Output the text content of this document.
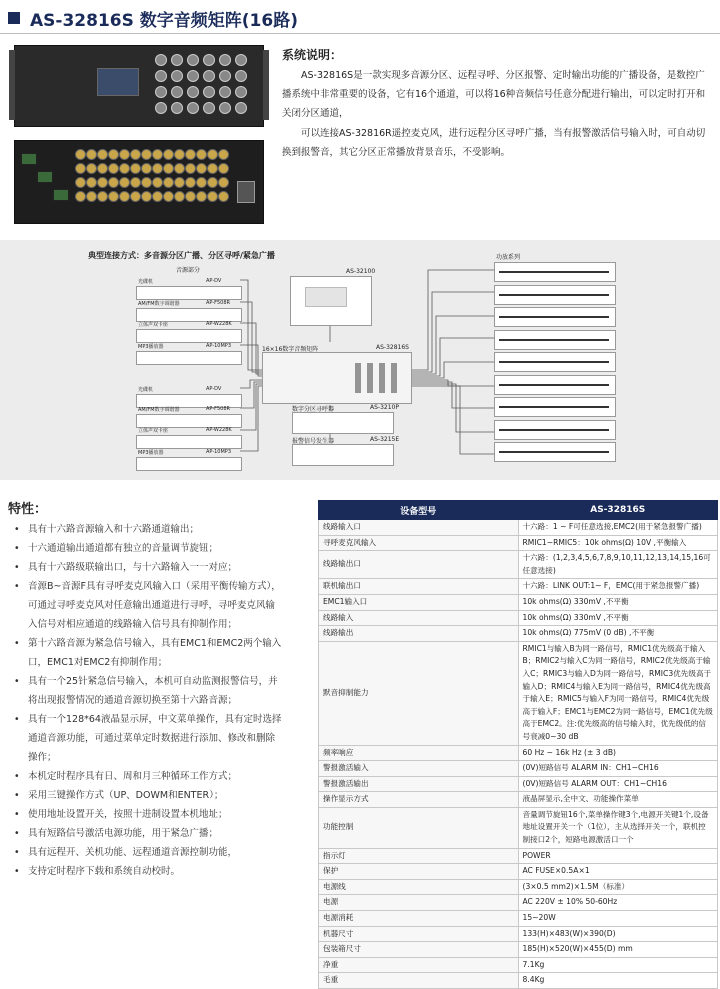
AS-32816S 数字音频矩阵(16路)
系统说明：
AS-32816S是一款实现多音源分区、远程寻呼、分区报警、定时输出功能的广播设备，是数控广播系统中非常重要的设备，它有16个通道，可以将16种音频信号任意分配进行输出，可以定时打开和关闭分区通道，
可以连接AS-32816R遥控麦克风，进行远程分区寻呼广播，当有报警激活信号输入时，可自动切换到报警音，其它分区正常播放背景音乐，不受影响。
典型连接方式：多音源分区广播、分区寻呼/紧急广播
音源部分
功放系列
光碟机	AP-DV
AM/FM数字调谐器	AP-F508R
立体声双卡座	AP-W228K
MP3播放器	AP-10MP3
光碟机	AP-DV
AM/FM数字调谐器	AP-F508R
立体声双卡座	AP-W228K
MP3播放器	AP-10MP3
AS-32100
16×16数字音频矩阵	AS-32816S
数字分区寻呼器	AS-3210P
报警信号发生器	AS-3215E
特性：
• 具有十六路音源输入和十六路通道输出；
• 十六通道输出通道都有独立的音量调节旋钮；
• 具有十六路级联输出口，与十六路输入一一对应；
• 音源B~音源F具有寻呼麦克风输入口（采用平衡传输方式），可通过寻呼麦克风对任意输出通道进行寻呼，寻呼麦克风输入信号对相应通道的线路输入信号具有抑制作用；
• 第十六路音源为紧急信号输入，具有EMC1和EMC2两个输入口，EMC1对EMC2有抑制作用；
• 具有一个25针紧急信号输入，本机可自动监测报警信号，并将出现报警情况的通道音源切换至第十六路音源；
• 具有一个128*64液晶显示屏，中文菜单操作，具有定时选择通道音源功能，可通过菜单定时数据进行添加、修改和删除操作；
• 本机定时程序具有日、周和月三种循环工作方式；
• 采用三键操作方式（UP、DOWM和ENTER）；
• 使用地址设置开关，按照十进制设置本机地址；
• 具有短路信号激活电源功能，用于紧急广播；
• 具有远程开、关机功能、远程通道音源控制功能，
• 支持定时程序下载和系统自动校时。
设备型号	AS-32816S
线路输入口	十六路：1 ~ F可任意选接,EMC2(用于紧急报警广播)
寻呼麦克风输入	RMIC1~RMIC5：10k ohms(Ω) 10V ,平衡输入
线路输出口	十六路：(1,2,3,4,5,6,7,8,9,10,11,12,13,14,15,16可任意选接)
联机输出口	十六路：LINK OUT:1~ F，EMC(用于紧急报警广播)
EMC1输入口	10k ohms(Ω) 330mV ,不平衡
线路输入	10k ohms(Ω) 330mV ,不平衡
线路输出	10k ohms(Ω) 775mV (0 dB) ,不平衡
默音抑制能力	RMIC1与输入B为同一路信号，RMIC1优先级高于输入B；RMIC2与输入C为同一路信号，RMIC2优先级高于输入C；RMIC3与输入D为同一路信号，RMIC3优先级高于输入D；RMIC4与输入E为同一路信号，RMIC4优先级高于输入E；RMIC5与输入F为同一路信号，RMIC4优先级高于输入F；EMC1与EMC2为同一路信号，EMC1优先级高于EMC2。注:优先级高的信号输入时，优先级低的信号衰减0~30 dB
频率响应	60 Hz ~ 16k Hz (± 3 dB)
警报激活输入	(0V)短路信号 ALARM IN：CH1~CH16
警报激活输出	(0V)短路信号 ALARM OUT：CH1~CH16
操作显示方式	液晶屏显示,全中文、功能操作菜单
功能控制	音量调节旋钮16个,菜单操作键3个,电源开关键1个,设备地址设置开关一个（1位），主从选择开关一个，联机控制接口2个，短路电源激活口一个
指示灯	POWER
保护	AC FUSE×0.5A×1
电源线	(3×0.5 mm2)×1.5M（标准）
电源	AC 220V ± 10% 50-60Hz
电源消耗	15~20W
机器尺寸	133(H)×483(W)×390(D)
包装箱尺寸	185(H)×520(W)×455(D) mm
净重	7.1Kg
毛重	8.4Kg
